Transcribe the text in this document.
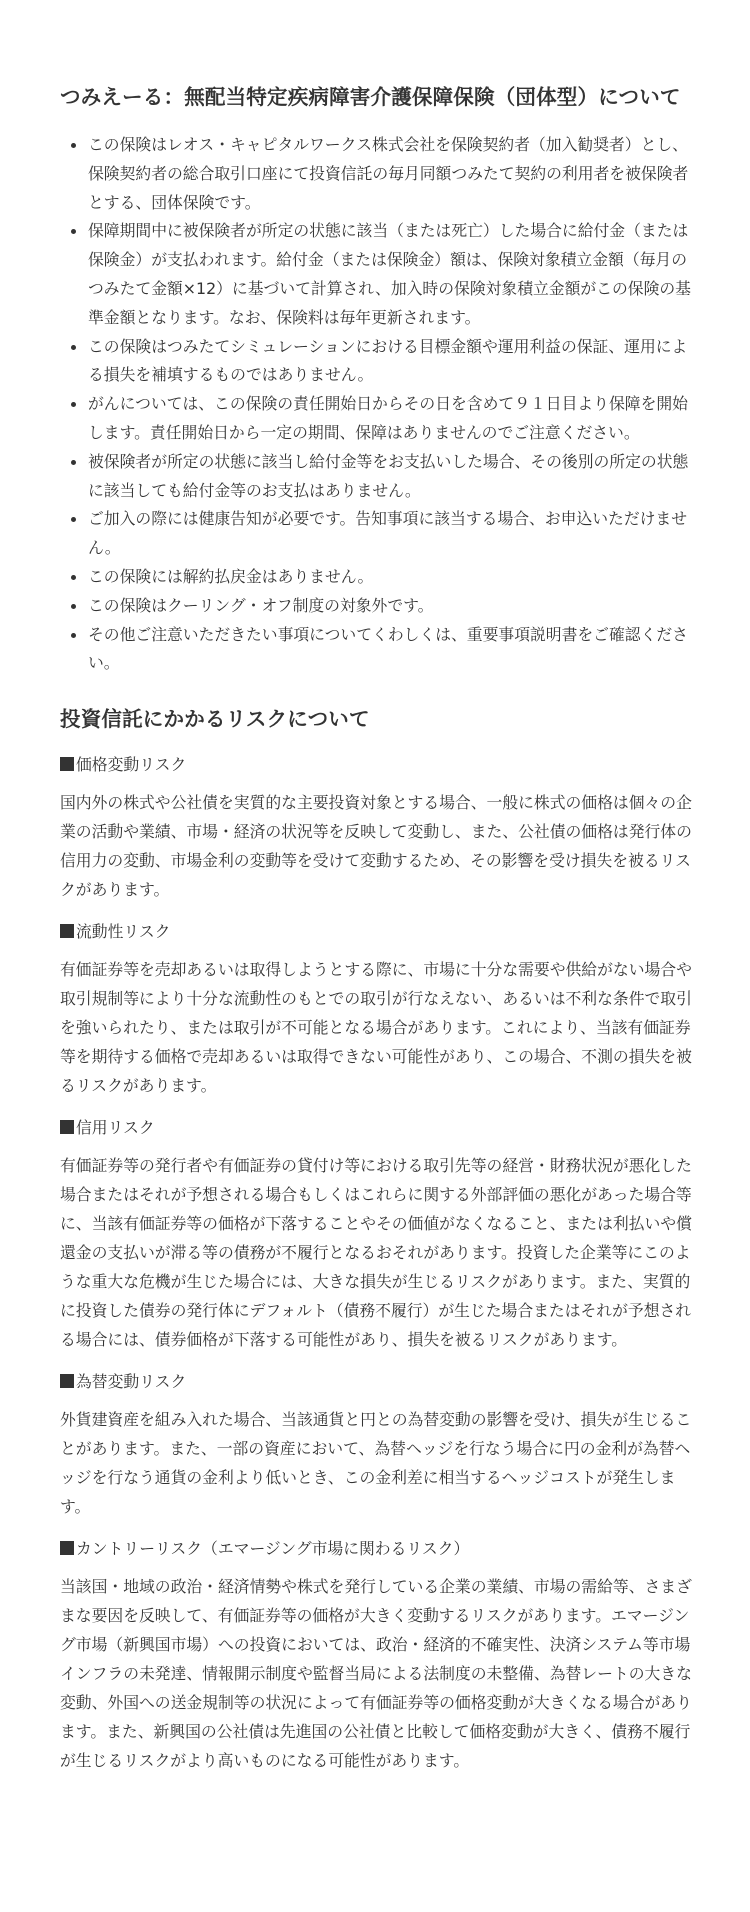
つみえーる：無配当特定疾病障害介護保障保険（団体型）について
この保険はレオス・キャピタルワークス株式会社を保険契約者（加入勧奨者）とし、保険契約者の総合取引口座にて投資信託の毎月同額つみたて契約の利用者を被保険者とする、団体保険です。
保障期間中に被保険者が所定の状態に該当（または死亡）した場合に給付金（または保険金）が支払われます。給付金（または保険金）額は、保険対象積立金額（毎月のつみたて金額×12）に基づいて計算され、加入時の保険対象積立金額がこの保険の基準金額となります。なお、保険料は毎年更新されます。
この保険はつみたてシミュレーションにおける目標金額や運用利益の保証、運用による損失を補填するものではありません。
がんについては、この保険の責任開始日からその日を含めて９１日目より保障を開始します。責任開始日から一定の期間、保障はありませんのでご注意ください。
被保険者が所定の状態に該当し給付金等をお支払いした場合、その後別の所定の状態に該当しても給付金等のお支払はありません。
ご加入の際には健康告知が必要です。告知事項に該当する場合、お申込いただけません。
この保険には解約払戻金はありません。
この保険はクーリング・オフ制度の対象外です。
その他ご注意いただきたい事項についてくわしくは、重要事項説明書をご確認ください。
投資信託にかかるリスクについて
価格変動リスク

国内外の株式や公社債を実質的な主要投資対象とする場合、一般に株式の価格は個々の企業の活動や業績、市場・経済の状況等を反映して変動し、また、公社債の価格は発行体の信用力の変動、市場金利の変動等を受けて変動するため、その影響を受け損失を被るリスクがあります。

流動性リスク

有価証券等を売却あるいは取得しようとする際に、市場に十分な需要や供給がない場合や取引規制等により十分な流動性のもとでの取引が行なえない、あるいは不利な条件で取引を強いられたり、または取引が不可能となる場合があります。これにより、当該有価証券等を期待する価格で売却あるいは取得できない可能性があり、この場合、不測の損失を被るリスクがあります。

信用リスク

有価証券等の発行者や有価証券の貸付け等における取引先等の経営・財務状況が悪化した場合またはそれが予想される場合もしくはこれらに関する外部評価の悪化があった場合等に、当該有価証券等の価格が下落することやその価値がなくなること、または利払いや償還金の支払いが滞る等の債務が不履行となるおそれがあります。投資した企業等にこのような重大な危機が生じた場合には、大きな損失が生じるリスクがあります。また、実質的に投資した債券の発行体にデフォルト（債務不履行）が生じた場合またはそれが予想される場合には、債券価格が下落する可能性があり、損失を被るリスクがあります。

為替変動リスク

外貨建資産を組み入れた場合、当該通貨と円との為替変動の影響を受け、損失が生じることがあります。また、一部の資産において、為替ヘッジを行なう場合に円の金利が為替ヘッジを行なう通貨の金利より低いとき、この金利差に相当するヘッジコストが発生します。

カントリーリスク（エマージング市場に関わるリスク）

当該国・地域の政治・経済情勢や株式を発行している企業の業績、市場の需給等、さまざまな要因を反映して、有価証券等の価格が大きく変動するリスクがあります。エマージング市場（新興国市場）への投資においては、政治・経済的不確実性、決済システム等市場インフラの未発達、情報開示制度や監督当局による法制度の未整備、為替レートの大きな変動、外国への送金規制等の状況によって有価証券等の価格変動が大きくなる場合があります。また、新興国の公社債は先進国の公社債と比較して価格変動が大きく、債務不履行が生じるリスクがより高いものになる可能性があります。
